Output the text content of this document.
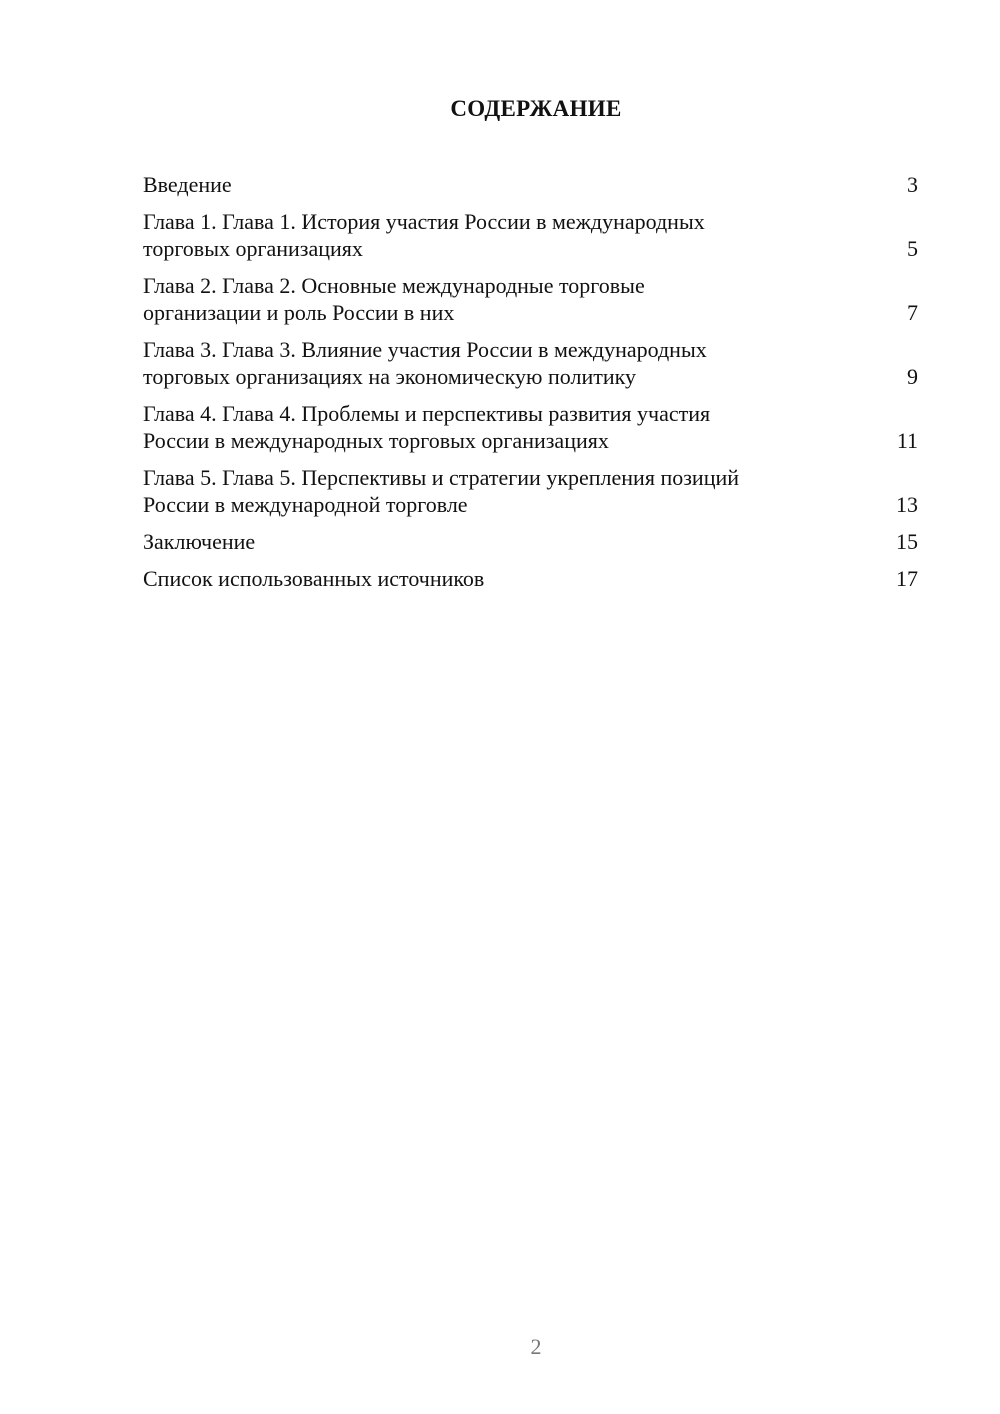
СОДЕРЖАНИЕ
Введение	3
Глава 1. Глава 1. История участия России в международных
торговых организациях	5
Глава 2. Глава 2. Основные международные торговые
организации и роль России в них	7
Глава 3. Глава 3. Влияние участия России в международных
торговых организациях на экономическую политику	9
Глава 4. Глава 4. Проблемы и перспективы развития участия
России в международных торговых организациях	11
Глава 5. Глава 5. Перспективы и стратегии укрепления позиций
России в международной торговле	13
Заключение	15
Список использованных источников	17
2
